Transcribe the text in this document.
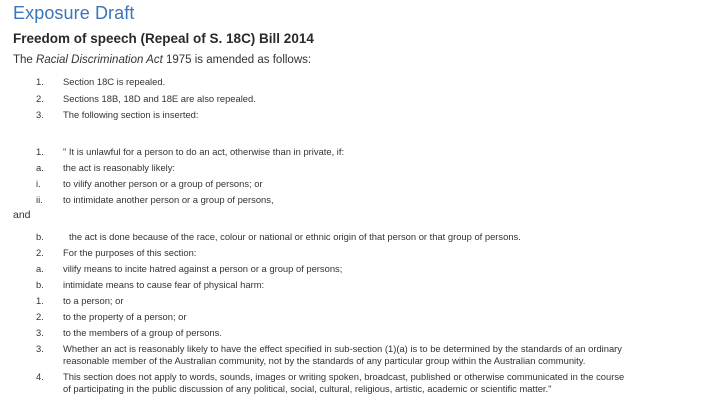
Exposure Draft
Freedom of speech (Repeal of S. 18C) Bill 2014

The Racial Discrimination Act 1975 is amended as follows:

1.	Section 18C is repealed.
2.	Sections 18B, 18D and 18E are also repealed.
3.	The following section is inserted:
1.	" It is unlawful for a person to do an act, otherwise than in private, if:
a.	the act is reasonably likely:
i.	to vilify another person or a group of persons; or
ii.	to intimidate another person or a group of persons,
and
b.	the act is done because of the race, colour or national or ethnic origin of that person or that group of persons.
2.	For the purposes of this section:
a.	vilify means to incite hatred against a person or a group of persons;
b.	intimidate means to cause fear of physical harm:
1.	to a person; or
2.	to the property of a person; or
3.	to the members of a group of persons.
3.	Whether an act is reasonably likely to have the effect specified in sub-section (1)(a) is to be determined by the standards of an ordinary reasonable member of the Australian community, not by the standards of any particular group within the Australian community.
4.	This section does not apply to words, sounds, images or writing spoken, broadcast, published or otherwise communicated in the course of participating in the public discussion of any political, social, cultural, religious, artistic, academic or scientific matter."
